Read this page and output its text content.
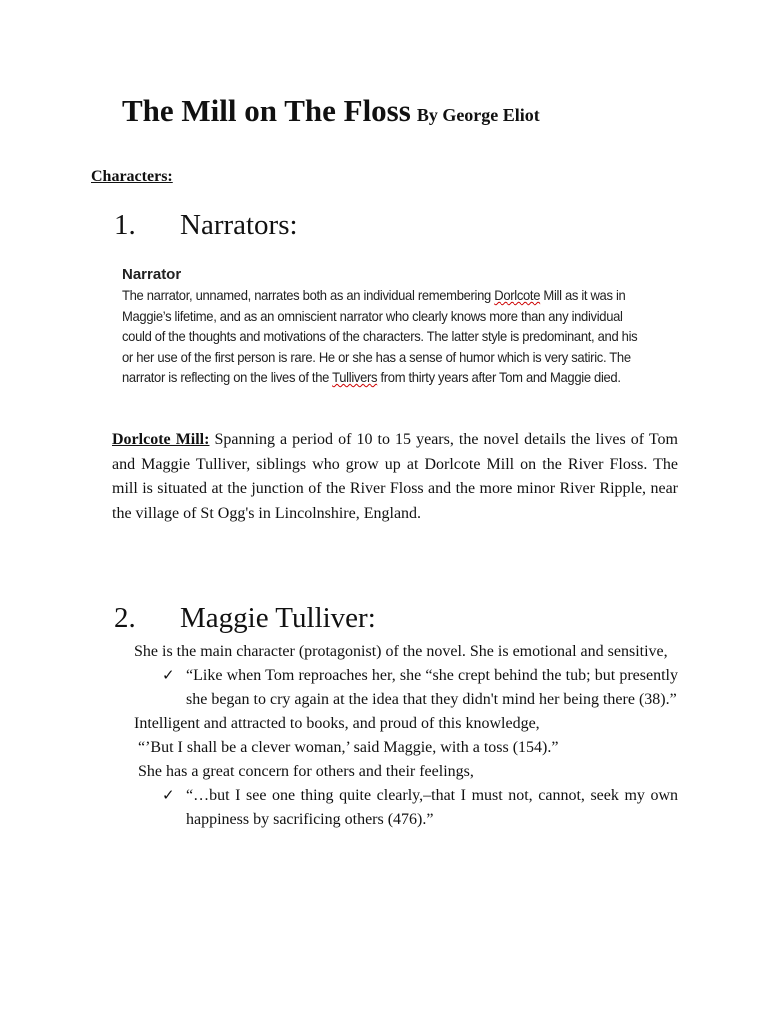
The Mill on The Floss By George Eliot
Characters:
1. Narrators:
Narrator
The narrator, unnamed, narrates both as an individual remembering Dorlcote Mill as it was in
Maggie’s lifetime, and as an omniscient narrator who clearly knows more than any individual
could of the thoughts and motivations of the characters. The latter style is predominant, and his
or her use of the first person is rare. He or she has a sense of humor which is very satiric. The
narrator is reflecting on the lives of the Tullivers from thirty years after Tom and Maggie died.
Dorlcote Mill: Spanning a period of 10 to 15 years, the novel details the lives of Tom and Maggie Tulliver, siblings who grow up at Dorlcote Mill on the River Floss. The mill is situated at the junction of the River Floss and the more minor River Ripple, near the village of St Ogg's in Lincolnshire, England.
2. Maggie Tulliver:
She is the main character (protagonist) of the novel. She is emotional and sensitive,
✓ “Like when Tom reproaches her, she “she crept behind the tub; but presently she began to cry again at the idea that they didn't mind her being there (38).”
Intelligent and attracted to books, and proud of this knowledge,
“’But I shall be a clever woman,’ said Maggie, with a toss (154).”
She has a great concern for others and their feelings,
✓ “…but I see one thing quite clearly,–that I must not, cannot, seek my own happiness by sacrificing others (476).”
